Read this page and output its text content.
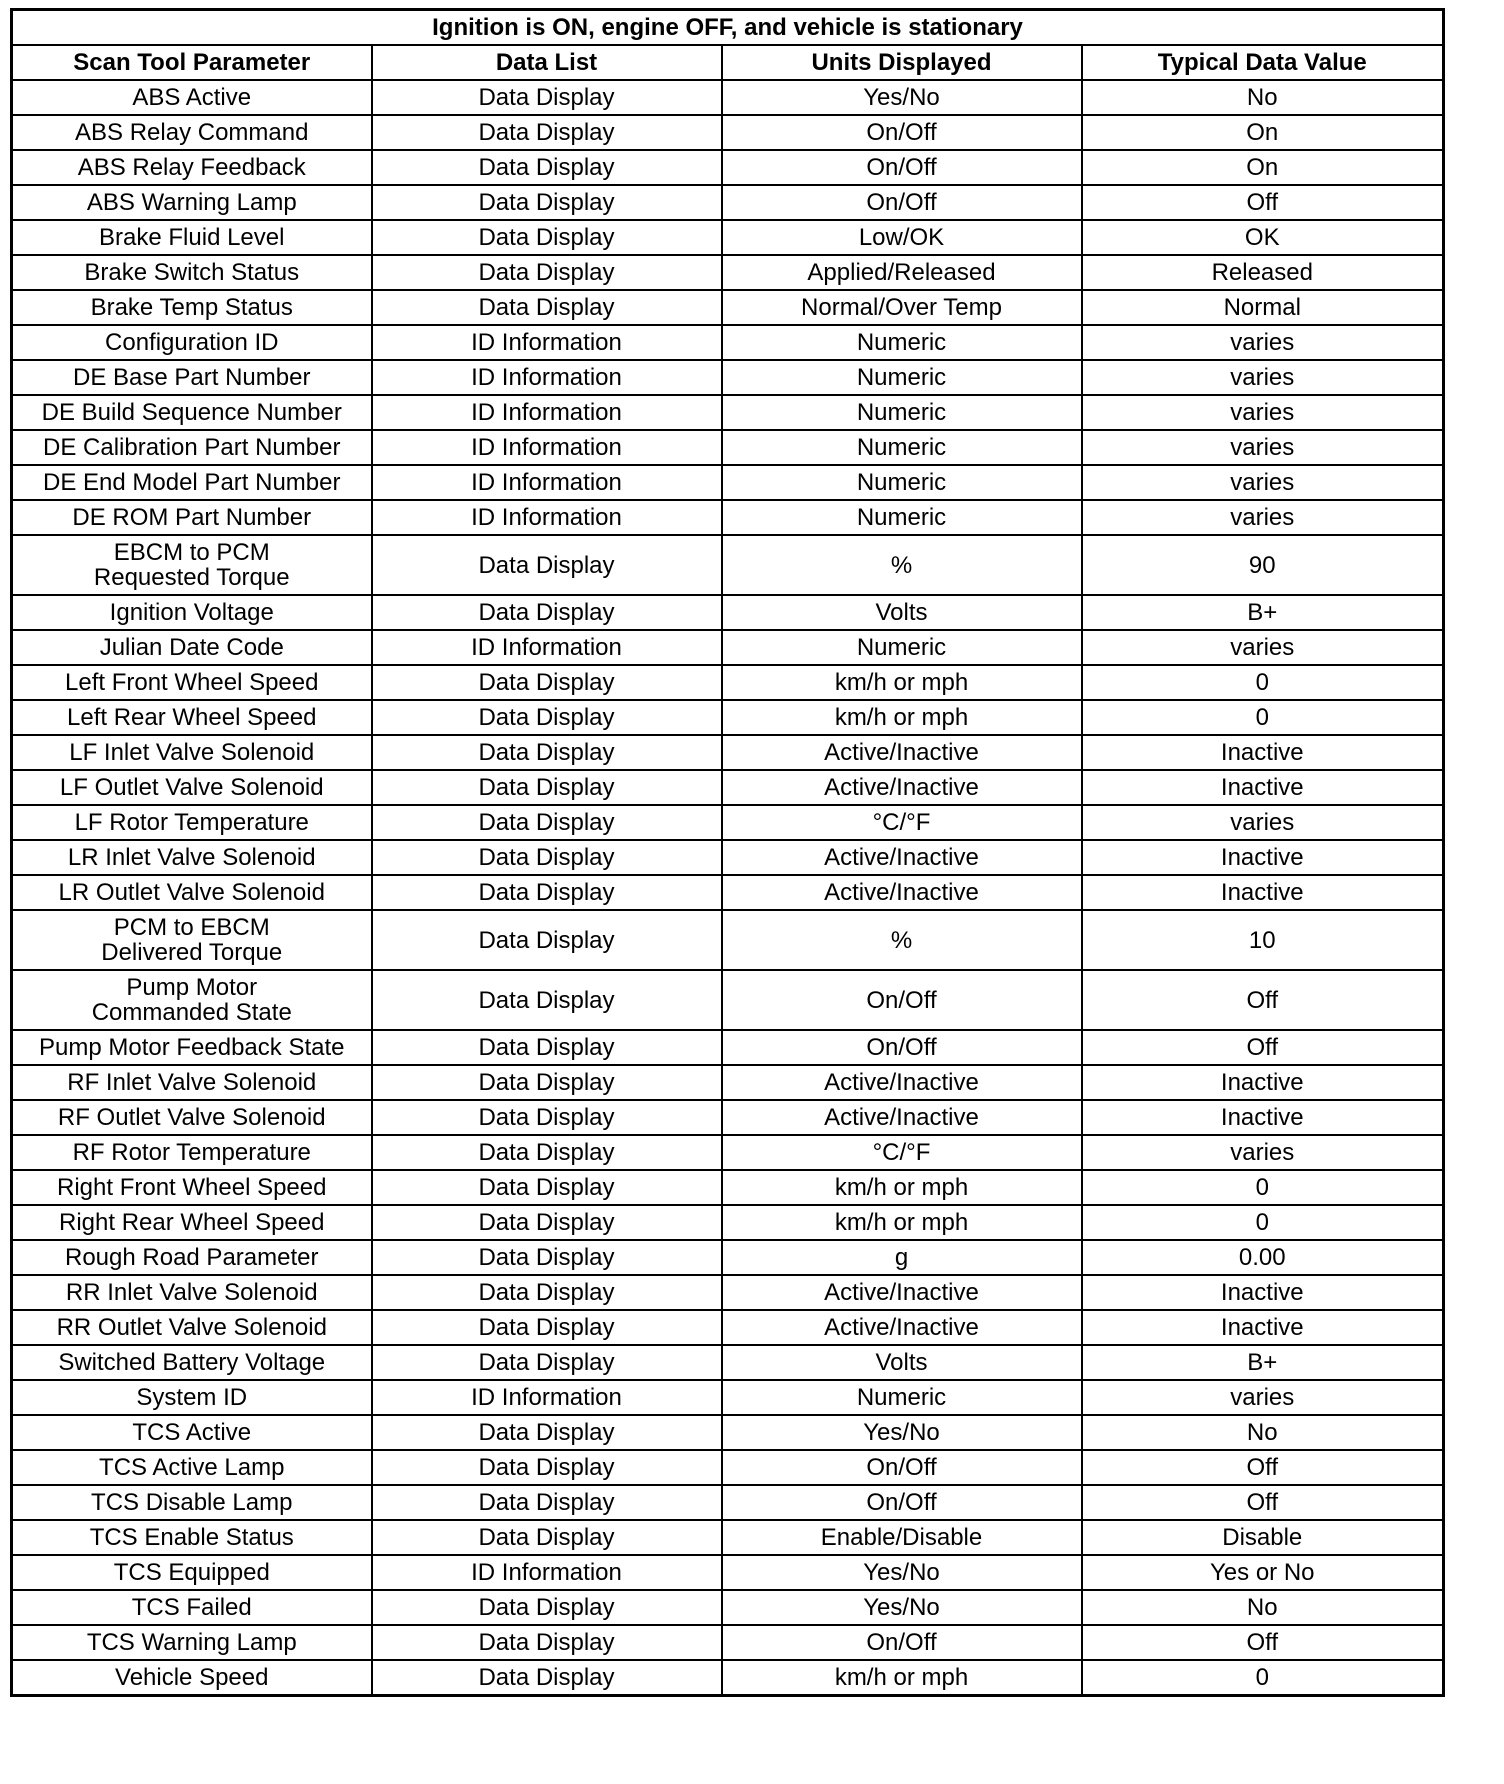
Ignition is ON, engine OFF, and vehicle is stationary			
Scan Tool Parameter	Data List	Units Displayed	Typical Data Value
ABS Active	Data Display	Yes/No	No
ABS Relay Command	Data Display	On/Off	On
ABS Relay Feedback	Data Display	On/Off	On
ABS Warning Lamp	Data Display	On/Off	Off
Brake Fluid Level	Data Display	Low/OK	OK
Brake Switch Status	Data Display	Applied/Released	Released
Brake Temp Status	Data Display	Normal/Over Temp	Normal
Configuration ID	ID Information	Numeric	varies
DE Base Part Number	ID Information	Numeric	varies
DE Build Sequence Number	ID Information	Numeric	varies
DE Calibration Part Number	ID Information	Numeric	varies
DE End Model Part Number	ID Information	Numeric	varies
DE ROM Part Number	ID Information	Numeric	varies
EBCM to PCM
Requested Torque	Data Display	%	90
Ignition Voltage	Data Display	Volts	B+
Julian Date Code	ID Information	Numeric	varies
Left Front Wheel Speed	Data Display	km/h or mph	0
Left Rear Wheel Speed	Data Display	km/h or mph	0
LF Inlet Valve Solenoid	Data Display	Active/Inactive	Inactive
LF Outlet Valve Solenoid	Data Display	Active/Inactive	Inactive
LF Rotor Temperature	Data Display	°C/°F	varies
LR Inlet Valve Solenoid	Data Display	Active/Inactive	Inactive
LR Outlet Valve Solenoid	Data Display	Active/Inactive	Inactive
PCM to EBCM
Delivered Torque	Data Display	%	10
Pump Motor
Commanded State	Data Display	On/Off	Off
Pump Motor Feedback State	Data Display	On/Off	Off
RF Inlet Valve Solenoid	Data Display	Active/Inactive	Inactive
RF Outlet Valve Solenoid	Data Display	Active/Inactive	Inactive
RF Rotor Temperature	Data Display	°C/°F	varies
Right Front Wheel Speed	Data Display	km/h or mph	0
Right Rear Wheel Speed	Data Display	km/h or mph	0
Rough Road Parameter	Data Display	g	0.00
RR Inlet Valve Solenoid	Data Display	Active/Inactive	Inactive
RR Outlet Valve Solenoid	Data Display	Active/Inactive	Inactive
Switched Battery Voltage	Data Display	Volts	B+
System ID	ID Information	Numeric	varies
TCS Active	Data Display	Yes/No	No
TCS Active Lamp	Data Display	On/Off	Off
TCS Disable Lamp	Data Display	On/Off	Off
TCS Enable Status	Data Display	Enable/Disable	Disable
TCS Equipped	ID Information	Yes/No	Yes or No
TCS Failed	Data Display	Yes/No	No
TCS Warning Lamp	Data Display	On/Off	Off
Vehicle Speed	Data Display	km/h or mph	0
